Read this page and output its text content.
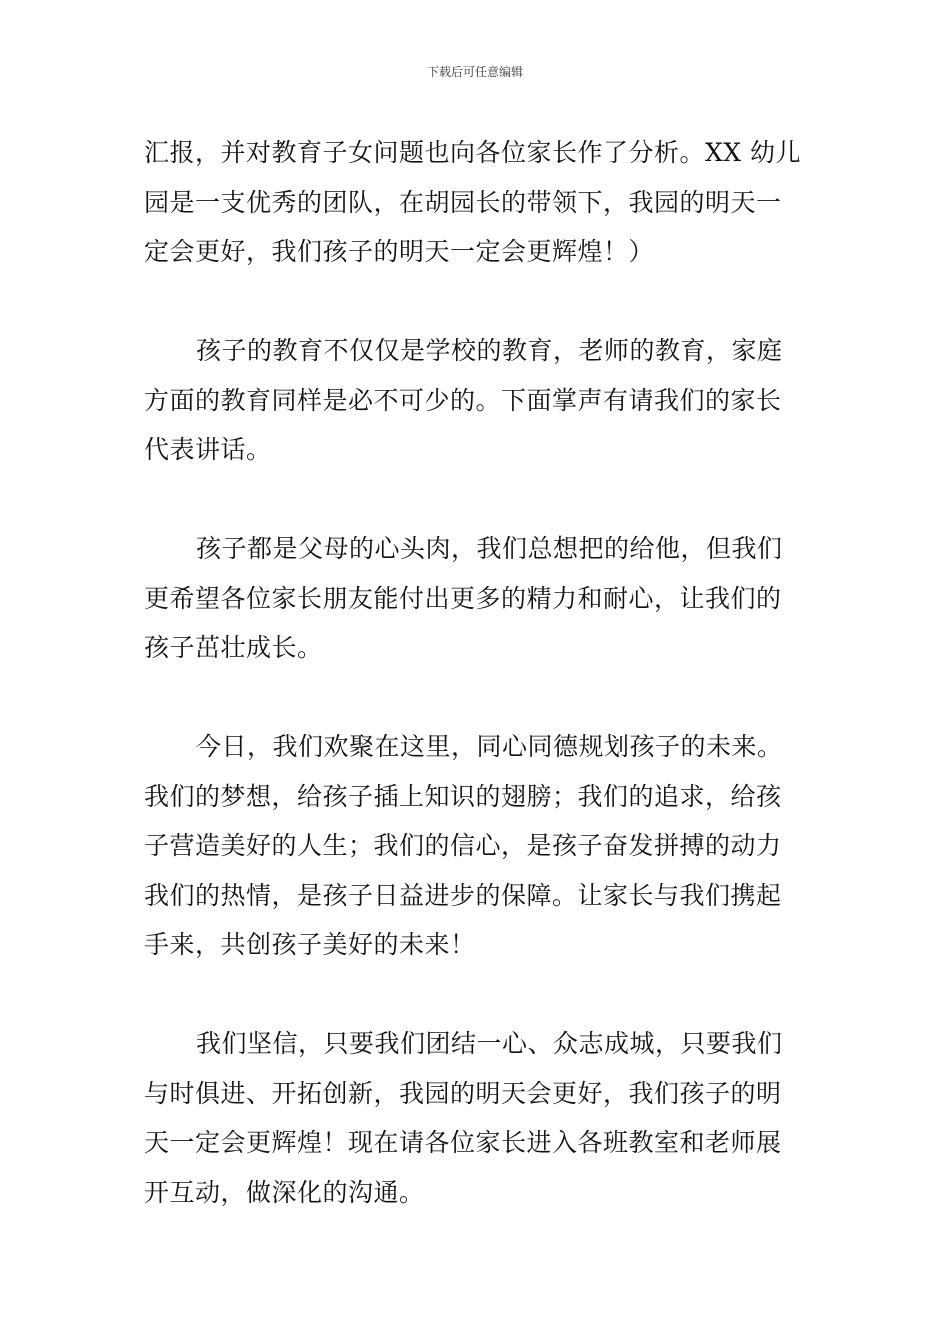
下载后可任意编辑
汇报，并对教育子女问题也向各位家长作了分析。XX 幼儿
园是一支优秀的团队，在胡园长的带领下，我园的明天一
定会更好，我们孩子的明天一定会更辉煌！）
孩子的教育不仅仅是学校的教育，老师的教育，家庭
方面的教育同样是必不可少的。下面掌声有请我们的家长
代表讲话。
孩子都是父母的心头肉，我们总想把的给他，但我们
更希望各位家长朋友能付出更多的精力和耐心，让我们的
孩子茁壮成长。
今日，我们欢聚在这里，同心同德规划孩子的未来。
我们的梦想，给孩子插上知识的翅膀；我们的追求，给孩
子营造美好的人生；我们的信心，是孩子奋发拼搏的动力
我们的热情，是孩子日益进步的保障。让家长与我们携起
手来，共创孩子美好的未来！
我们坚信，只要我们团结一心、众志成城，只要我们
与时俱进、开拓创新，我园的明天会更好，我们孩子的明
天一定会更辉煌！现在请各位家长进入各班教室和老师展
开互动，做深化的沟通。
